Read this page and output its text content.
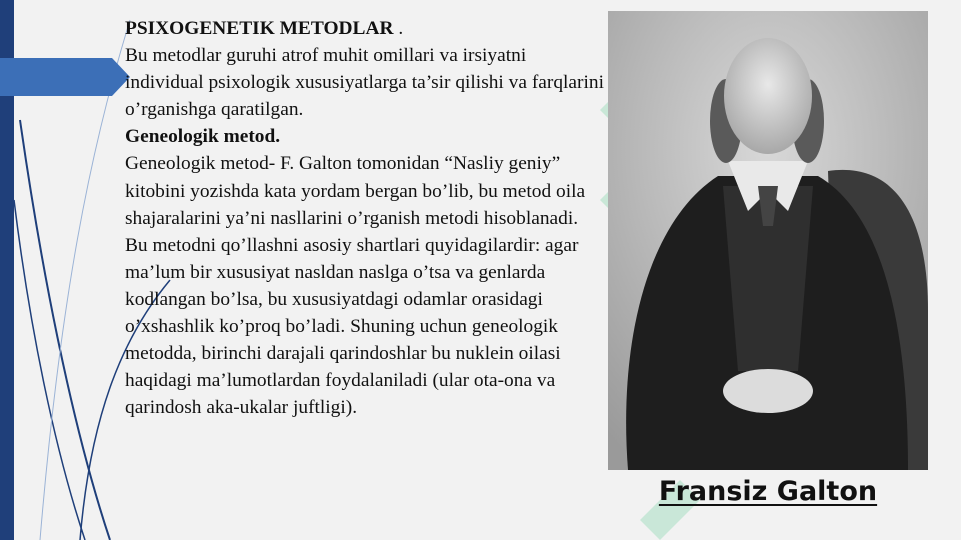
PSIXOGENETIK METODLAR .

Bu metodlar guruhi atrof muhit omillari va irsiyatni individual psixologik xususiyatlarga ta’sir qilishi va farqlarini o’rganishga qaratilgan.

Geneologik metod.

Geneologik metod- F. Galton tomonidan “Nasliy geniy” kitobini yozishda kata yordam bergan bo’lib, bu metod oila shajaralarini ya’ni nasllarini o’rganish metodi hisoblanadi. Bu metodni qo’llashni asosiy shartlari quyidagilardir: agar ma’lum bir xususiyat nasldan naslga o’tsa va genlarda kodlangan bo’lsa, bu xususiyatdagi odamlar orasidagi o’xshashlik ko’proq bo’ladi. Shuning uchun geneologik metodda, birinchi darajali qarindoshlar bu nuklein oilasi haqidagi ma’lumotlardan foydalaniladi (ular ota-ona va qarindosh aka-ukalar juftligi).

Fransiz Galton
